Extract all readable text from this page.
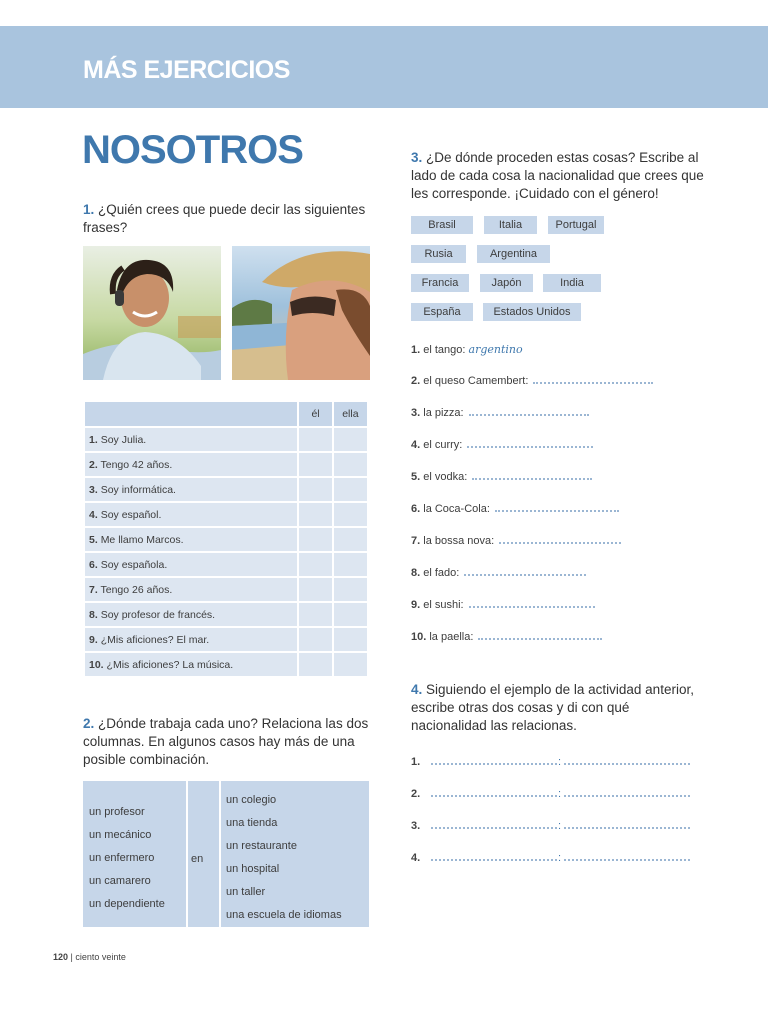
MÁS EJERCICIOS
NOSOTROS
1. ¿Quién crees que puede decir las siguientes frases?
	él	ella
1. Soy Julia.		
2. Tengo 42 años.		
3. Soy informática.		
4. Soy español.		
5. Me llamo Marcos.		
6. Soy española.		
7. Tengo 26 años.		
8. Soy profesor de francés.		
9. ¿Mis aficiones? El mar.		
10. ¿Mis aficiones? La música.		
2. ¿Dónde trabaja cada uno? Relaciona las dos columnas. En algunos casos hay más de una posible combinación.
un profesor
un mecánico
un enfermero
un camarero
un dependiente
en
un colegio
una tienda
un restaurante
un hospital
un taller
una escuela de idiomas
3. ¿De dónde proceden estas cosas? Escribe al lado de cada cosa la nacionalidad que crees que les corresponde. ¡Cuidado con el género!
Brasil	Italia	Portugal
Rusia	Argentina
Francia	Japón	India
España	Estados Unidos
1. el tango: argentino
2. el queso Camembert:
3. la pizza:
4. el curry:
5. el vodka:
6. la Coca-Cola:
7. la bossa nova:
8. el fado:
9. el sushi:
10. la paella:
4. Siguiendo el ejemplo de la actividad anterior, escribe otras dos cosas y di con qué nacionalidad las relacionas.
1.	:
2.	:
3.	:
4.	:
120 | ciento veinte
